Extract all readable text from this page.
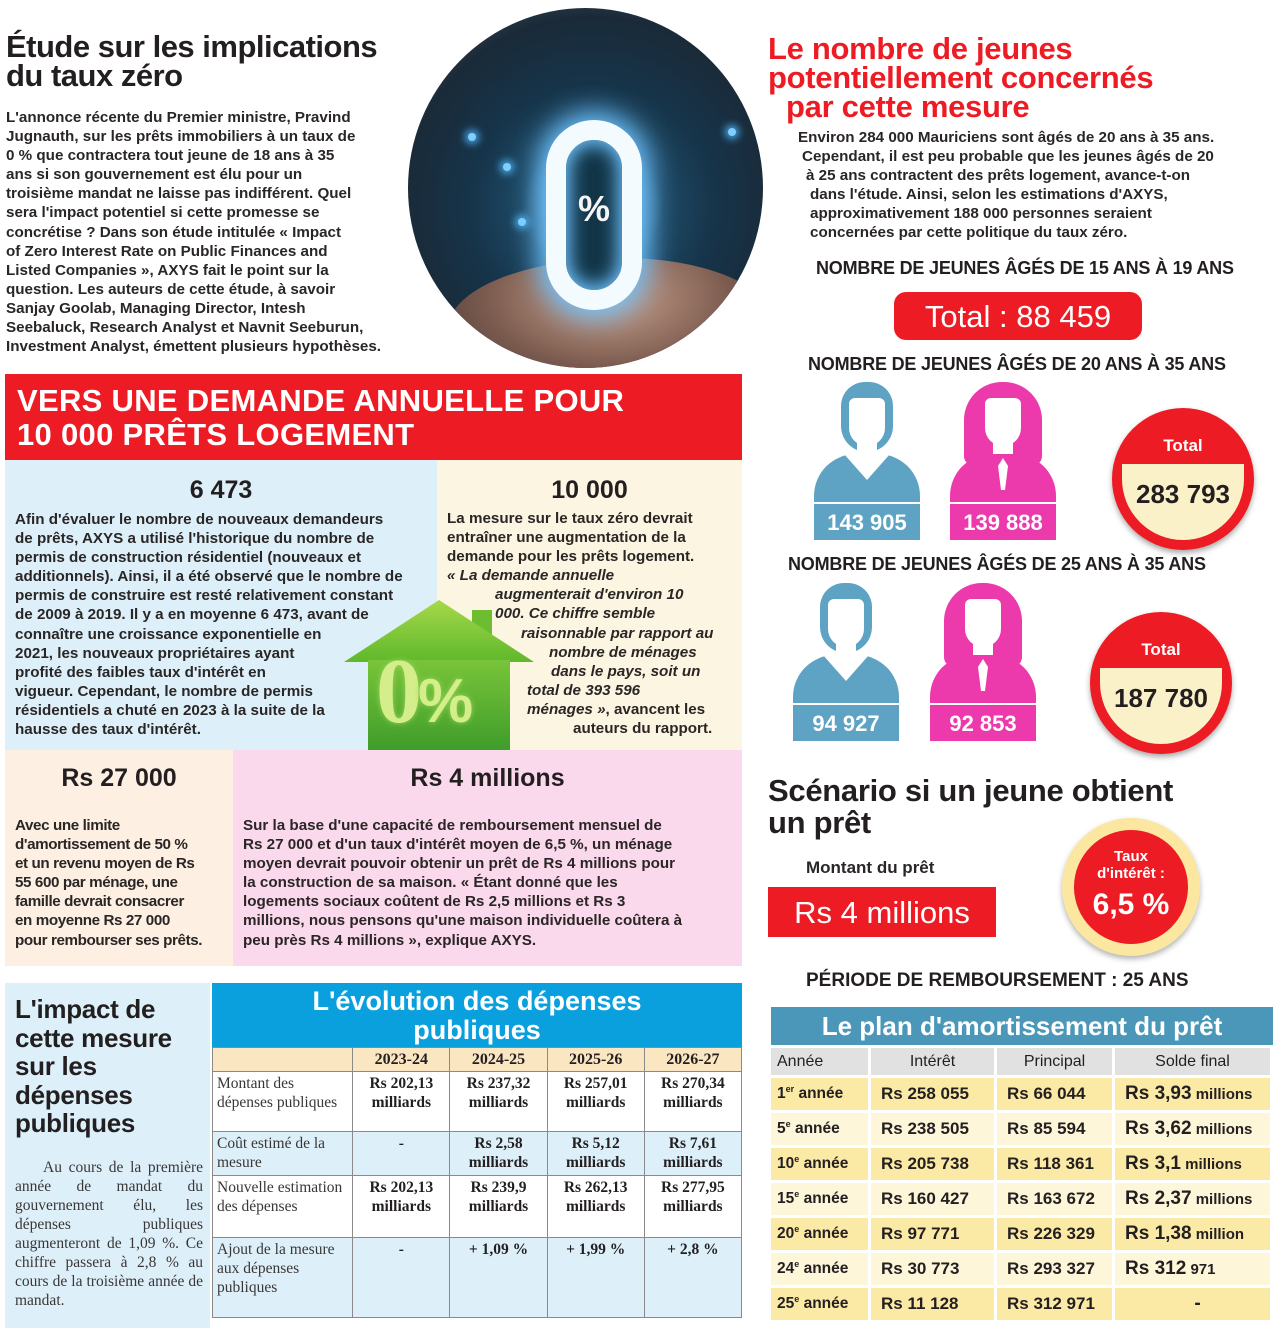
Étude sur les implications
du taux zéro
L'annonce récente du Premier ministre, Pravind
Jugnauth, sur les prêts immobiliers à un taux de
0 % que contractera tout jeune de 18 ans à 35
ans si son gouvernement est élu pour un
troisième mandat ne laisse pas indifférent. Quel
sera l'impact potentiel si cette promesse se
concrétise ? Dans son étude intitulée « Impact
of Zero Interest Rate on Public Finances and
Listed Companies », AXYS fait le point sur la
question. Les auteurs de cette étude, à savoir
Sanjay Goolab, Managing Director, Intesh
Seebaluck, Research Analyst et Navnit Seeburun,
Investment Analyst, émettent plusieurs hypothèses.
%
Le nombre de jeunes
potentiellement concernés
par cette mesure
Environ 284 000 Mauriciens sont âgés de 20 ans à 35 ans.
Cependant, il est peu probable que les jeunes âgés de 20
à 25 ans contractent des prêts logement, avance-t-on
dans l'étude. Ainsi, selon les estimations d'AXYS,
approximativement 188 000 personnes seraient
concernées par cette politique du taux zéro.
NOMBRE DE JEUNES ÂGÉS DE 15 ANS À 19 ANS
Total : 88 459
NOMBRE DE JEUNES ÂGÉS DE 20 ANS À 35 ANS
143 905	139 888
Total
283 793
NOMBRE DE JEUNES ÂGÉS DE 25 ANS À 35 ANS
94 927	92 853
Total
187 780
VERS UNE DEMANDE ANNUELLE POUR
10 000 PRÊTS LOGEMENT
6 473
Afin d'évaluer le nombre de nouveaux demandeurs
de prêts, AXYS a utilisé l'historique du nombre de
permis de construction résidentiel (nouveaux et
additionnels). Ainsi, il a été observé que le nombre de
permis de construire est resté relativement constant
de 2009 à 2019. Il y a en moyenne 6 473, avant de
connaître une croissance exponentielle en
2021, les nouveaux propriétaires ayant
profité des faibles taux d'intérêt en
vigueur. Cependant, le nombre de permis
résidentiels a chuté en 2023 à la suite de la
hausse des taux d'intérêt.
10 000
La mesure sur le taux zéro devrait
entraîner une augmentation de la
demande pour les prêts logement.
« La demande annuelle
augmenterait d'environ 10
000. Ce chiffre semble
raisonnable par rapport au
nombre de ménages
dans le pays, soit un
total de 393 596
ménages », avancent les
auteurs du rapport.
0%
Rs 27 000
Avec une limite
d'amortissement de 50 %
et un revenu moyen de Rs
55 600 par ménage, une
famille devrait consacrer
en moyenne Rs 27 000
pour rembourser ses prêts.
Rs 4 millions
Sur la base d'une capacité de remboursement mensuel de
Rs 27 000 et d'un taux d'intérêt moyen de 6,5 %, un ménage
moyen devrait pouvoir obtenir un prêt de Rs 4 millions pour
la construction de sa maison. « Étant donné que les
logements sociaux coûtent de Rs 2,5 millions et Rs 3
millions, nous pensons qu'une maison individuelle coûtera à
peu près Rs 4 millions », explique AXYS.
L'impact de
cette mesure
sur les
dépenses
publiques
Au cours de la première année de mandat du gouvernement élu, les dépenses publiques augmenteront de 1,09 %. Ce chiffre passera à 2,8 % au cours de la troisième année de mandat.
L'évolution des dépenses
publiques
	2023-24	2024-25	2025-26	2026-27
Montant des dépenses publiques	Rs 202,13 milliards	Rs 237,32 milliards	Rs 257,01 milliards	Rs 270,34 milliards
Coût estimé de la mesure	-	Rs 2,58 milliards	Rs 5,12 milliards	Rs 7,61 milliards
Nouvelle estimation des dépenses	Rs 202,13 milliards	Rs 239,9 milliards	Rs 262,13 milliards	Rs 277,95 milliards
Ajout de la mesure aux dépenses publiques	-	+ 1,09 %	+ 1,99 %	+ 2,8 %
Scénario si un jeune obtient
un prêt
Montant du prêt
Rs 4 millions
Taux
d'intérêt :
6,5 %
PÉRIODE DE REMBOURSEMENT : 25 ANS
Le plan d'amortissement du prêt
Année	Intérêt	Principal	Solde final
1er année	Rs 258 055	Rs 66 044	Rs 3,93 millions
5e année	Rs 238 505	Rs 85 594	Rs 3,62 millions
10e année	Rs 205 738	Rs 118 361	Rs 3,1 millions
15e année	Rs 160 427	Rs 163 672	Rs 2,37 millions
20e année	Rs 97 771	Rs 226 329	Rs 1,38 million
24e année	Rs 30 773	Rs 293 327	Rs 312 971
25e année	Rs 11 128	Rs 312 971	-
